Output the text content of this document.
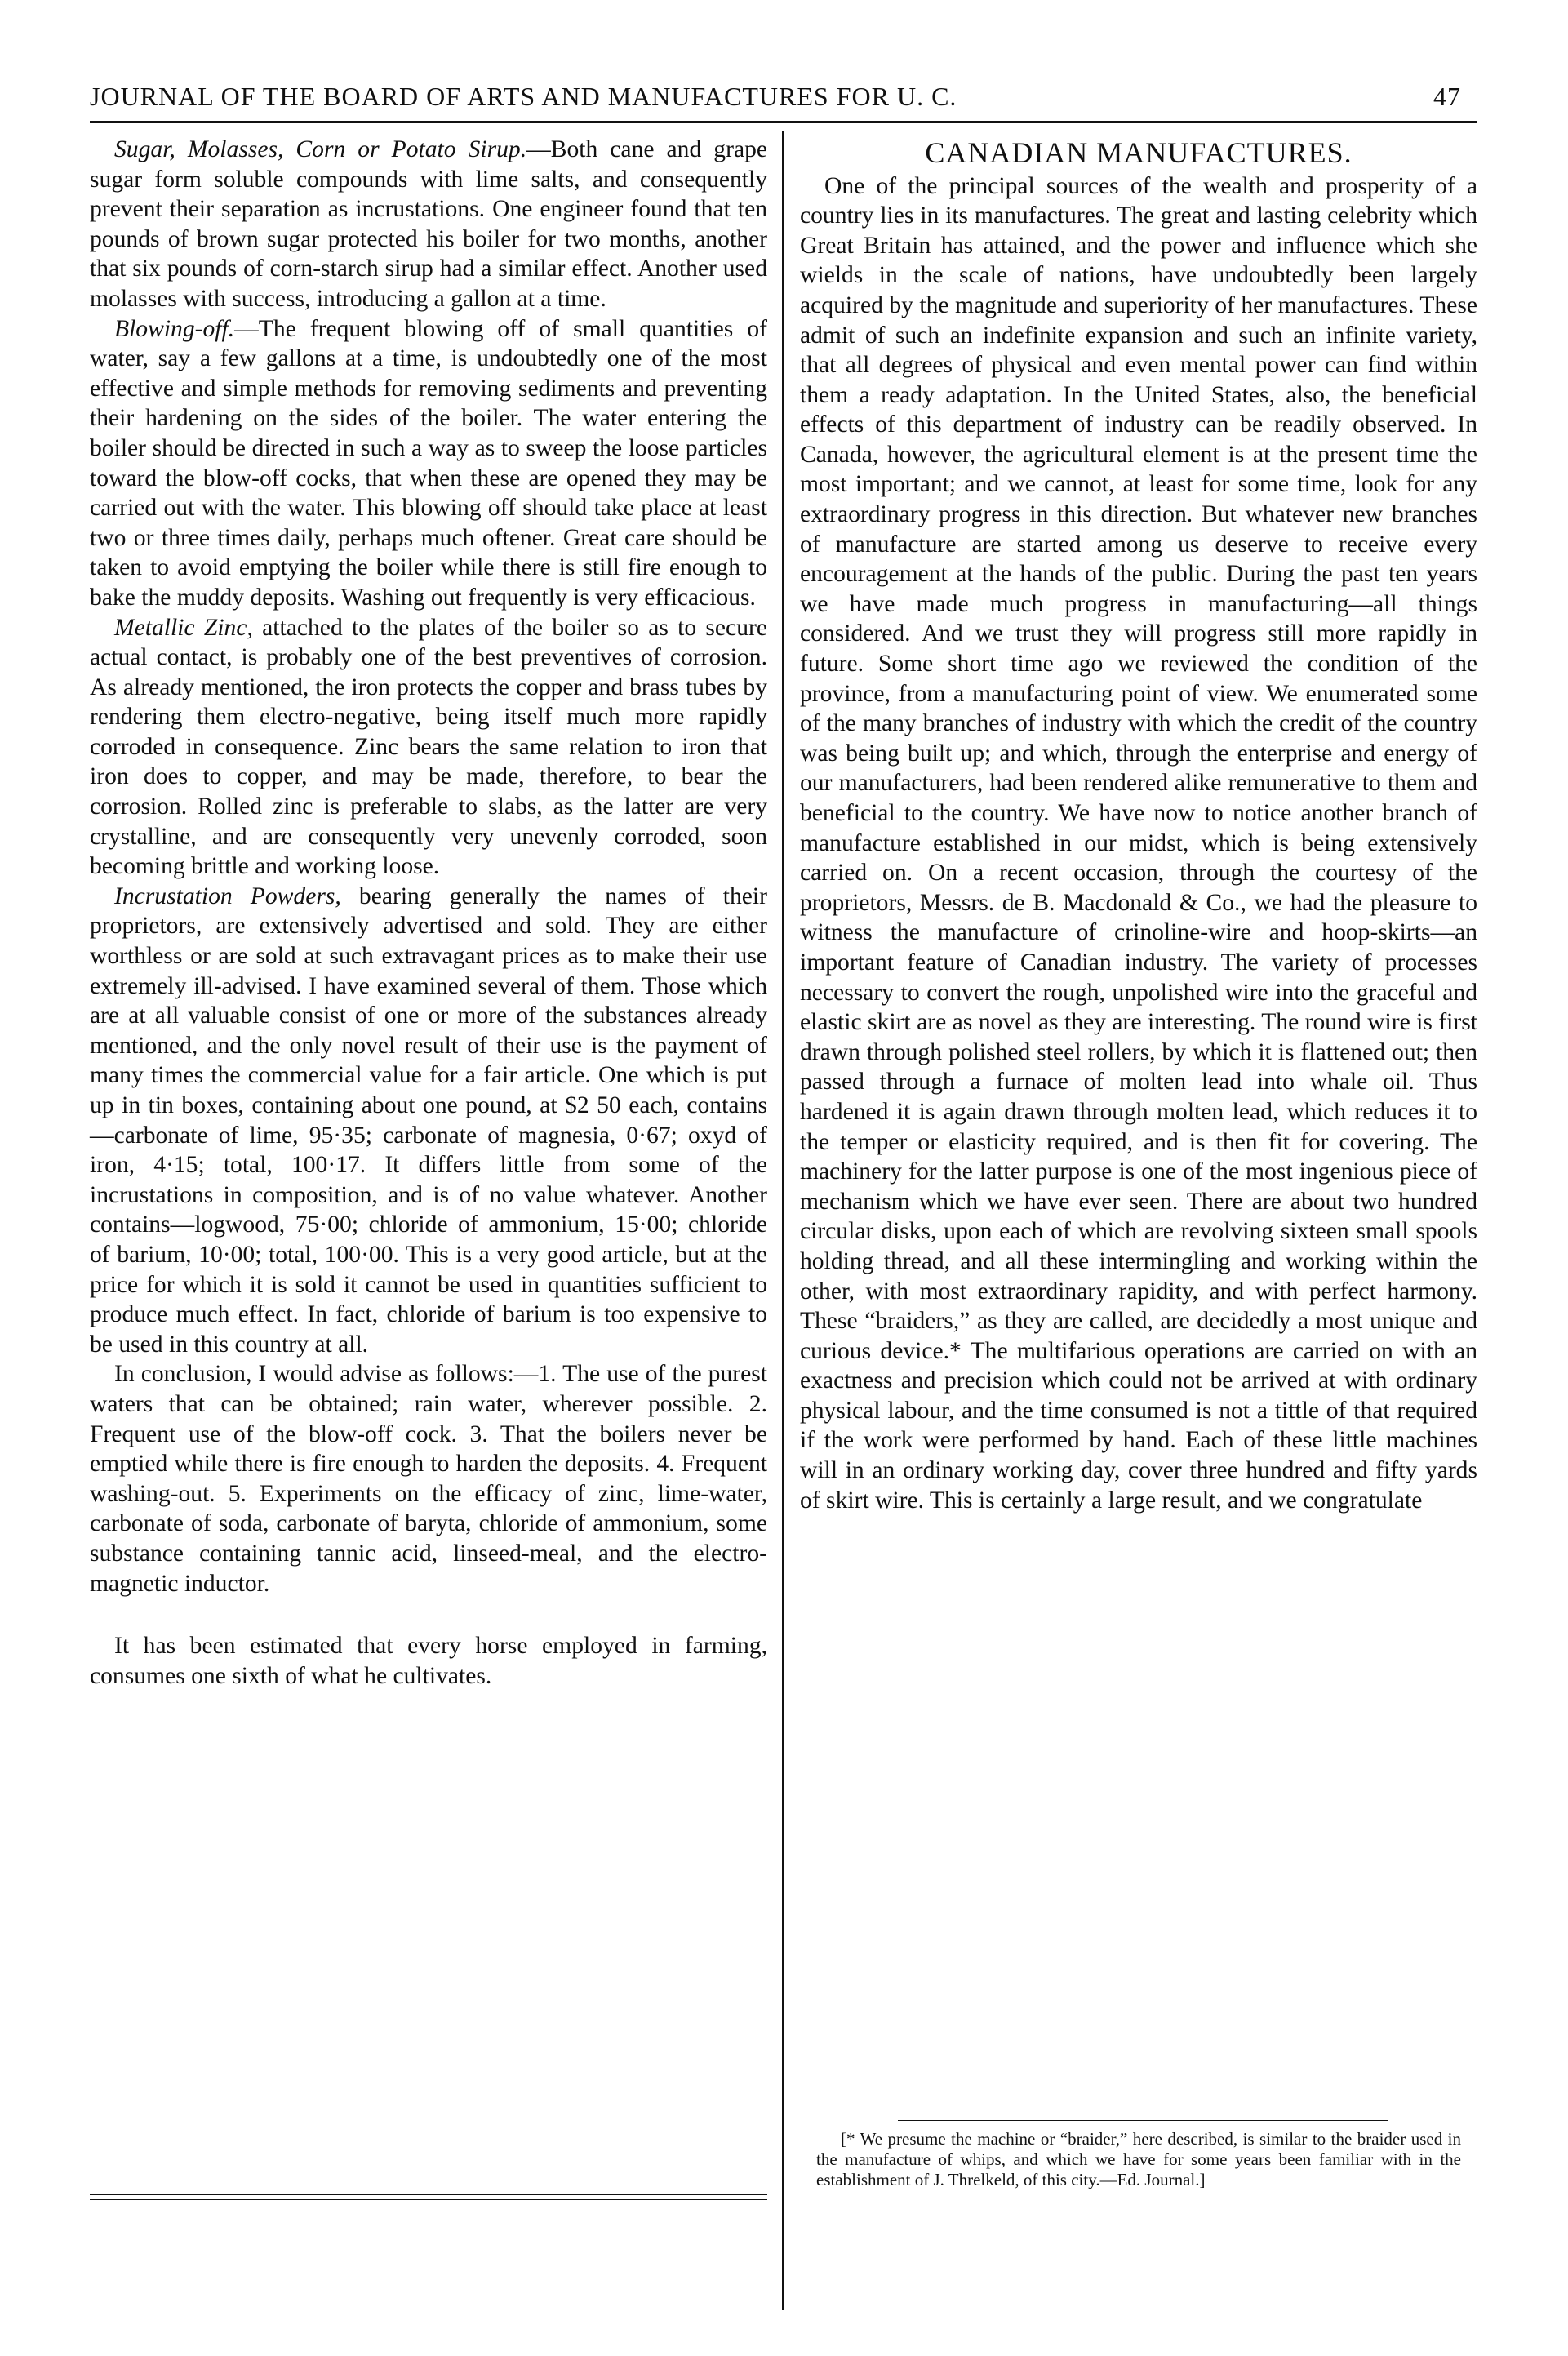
JOURNAL OF THE BOARD OF ARTS AND MANUFACTURES FOR U. C.	47

Sugar, Molasses, Corn or Potato Sirup.—Both cane and grape sugar form soluble compounds with lime salts, and consequently prevent their separation as incrustations. One engineer found that ten pounds of brown sugar protected his boiler for two months, another that six pounds of corn-starch sirup had a similar effect. Another used molasses with success, introducing a gallon at a time.

Blowing-off.—The frequent blowing off of small quantities of water, say a few gallons at a time, is undoubtedly one of the most effective and simple methods for removing sediments and preventing their hardening on the sides of the boiler. The water entering the boiler should be directed in such a way as to sweep the loose particles toward the blow-off cocks, that when these are opened they may be carried out with the water. This blowing off should take place at least two or three times daily, perhaps much oftener. Great care should be taken to avoid emptying the boiler while there is still fire enough to bake the muddy deposits. Washing out frequently is very efficacious.

Metallic Zinc, attached to the plates of the boiler so as to secure actual contact, is probably one of the best preventives of corrosion. As already mentioned, the iron protects the copper and brass tubes by rendering them electro-negative, being itself much more rapidly corroded in consequence. Zinc bears the same relation to iron that iron does to copper, and may be made, therefore, to bear the corrosion. Rolled zinc is preferable to slabs, as the latter are very crystalline, and are consequently very unevenly corroded, soon becoming brittle and working loose.

Incrustation Powders, bearing generally the names of their proprietors, are extensively advertised and sold. They are either worthless or are sold at such extravagant prices as to make their use extremely ill-advised. I have examined several of them. Those which are at all valuable consist of one or more of the substances already mentioned, and the only novel result of their use is the payment of many times the commercial value for a fair article. One which is put up in tin boxes, containing about one pound, at $2 50 each, contains—carbonate of lime, 95·35; carbonate of magnesia, 0·67; oxyd of iron, 4·15; total, 100·17. It differs little from some of the incrustations in composition, and is of no value whatever. Another contains—logwood, 75·00; chloride of ammonium, 15·00; chloride of barium, 10·00; total, 100·00. This is a very good article, but at the price for which it is sold it cannot be used in quantities sufficient to produce much effect. In fact, chloride of barium is too expensive to be used in this country at all.

In conclusion, I would advise as follows:—1. The use of the purest waters that can be obtained; rain water, wherever possible. 2. Frequent use of the blow-off cock. 3. That the boilers never be emptied while there is fire enough to harden the deposits. 4. Frequent washing-out. 5. Experiments on the efficacy of zinc, lime-water, carbonate of soda, carbonate of baryta, chloride of ammonium, some substance containing tannic acid, linseed-meal, and the electro-magnetic inductor.

It has been estimated that every horse employed in farming, consumes one sixth of what he cultivates.

CANADIAN MANUFACTURES.

One of the principal sources of the wealth and prosperity of a country lies in its manufactures. The great and lasting celebrity which Great Britain has attained, and the power and influence which she wields in the scale of nations, have undoubtedly been largely acquired by the magnitude and superiority of her manufactures. These admit of such an indefinite expansion and such an infinite variety, that all degrees of physical and even mental power can find within them a ready adaptation. In the United States, also, the beneficial effects of this department of industry can be readily observed. In Canada, however, the agricultural element is at the present time the most important; and we cannot, at least for some time, look for any extraordinary progress in this direction. But whatever new branches of manufacture are started among us deserve to receive every encouragement at the hands of the public. During the past ten years we have made much progress in manufacturing—all things considered. And we trust they will progress still more rapidly in future. Some short time ago we reviewed the condition of the province, from a manufacturing point of view. We enumerated some of the many branches of industry with which the credit of the country was being built up; and which, through the enterprise and energy of our manufacturers, had been rendered alike remunerative to them and beneficial to the country. We have now to notice another branch of manufacture established in our midst, which is being extensively carried on. On a recent occasion, through the courtesy of the proprietors, Messrs. de B. Macdonald & Co., we had the pleasure to witness the manufacture of crinoline-wire and hoop-skirts—an important feature of Canadian industry. The variety of processes necessary to convert the rough, unpolished wire into the graceful and elastic skirt are as novel as they are interesting. The round wire is first drawn through polished steel rollers, by which it is flattened out; then passed through a furnace of molten lead into whale oil. Thus hardened it is again drawn through molten lead, which reduces it to the temper or elasticity required, and is then fit for covering. The machinery for the latter purpose is one of the most ingenious piece of mechanism which we have ever seen. There are about two hundred circular disks, upon each of which are revolving sixteen small spools holding thread, and all these intermingling and working within the other, with most extraordinary rapidity, and with perfect harmony. These “braiders,” as they are called, are decidedly a most unique and curious device.* The multifarious operations are carried on with an exactness and precision which could not be arrived at with ordinary physical labour, and the time consumed is not a tittle of that required if the work were performed by hand. Each of these little machines will in an ordinary working day, cover three hundred and fifty yards of skirt wire. This is certainly a large result, and we congratulate

[* We presume the machine or “braider,” here described, is similar to the braider used in the manufacture of whips, and which we have for some years been familiar with in the establishment of J. Threlkeld, of this city.—Ed. Journal.]
